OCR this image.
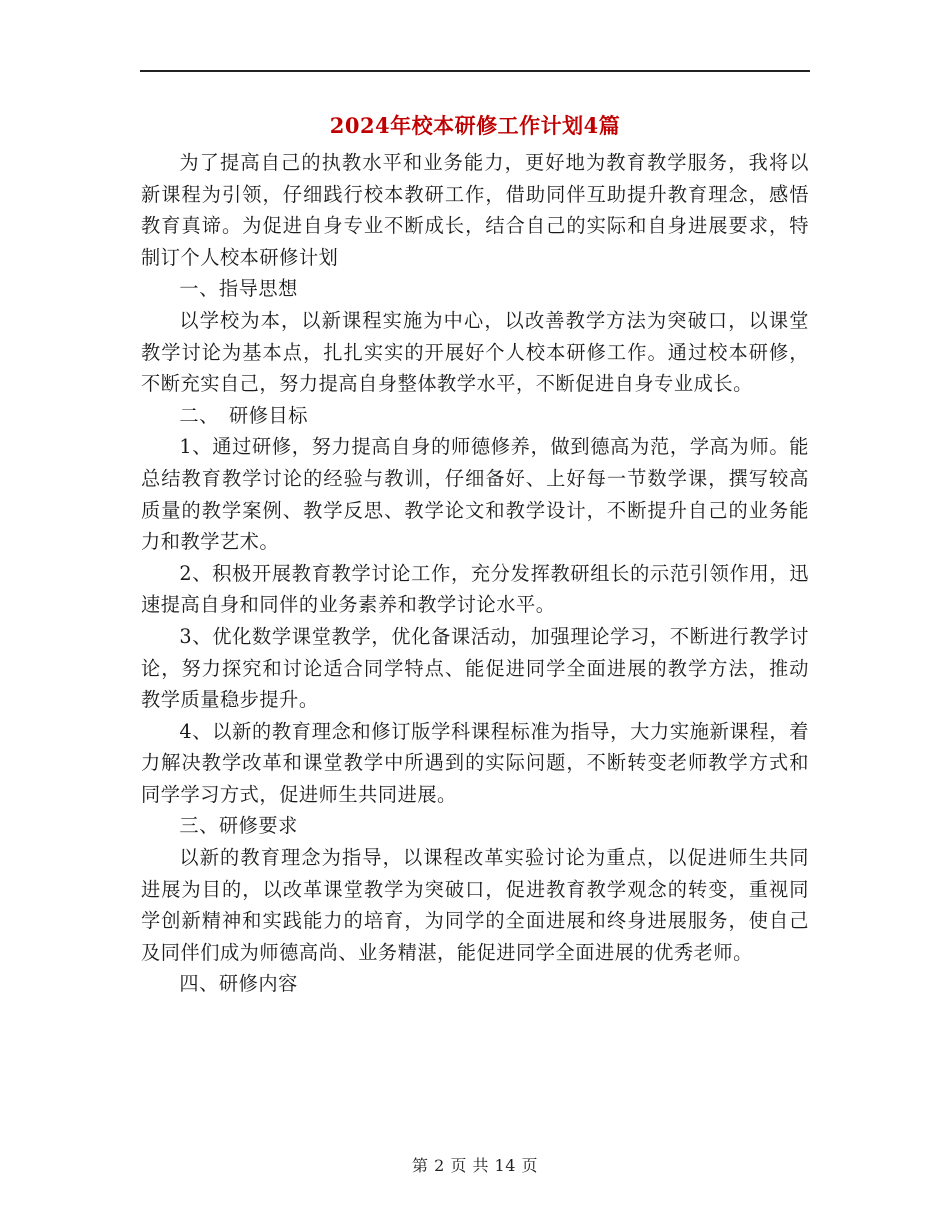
2024年校本研修工作计划4篇

为了提高自己的执教水平和业务能力，更好地为教育教学服务，我将以新课程为引领，仔细践行校本教研工作，借助同伴互助提升教育理念，感悟教育真谛。为促进自身专业不断成长，结合自己的实际和自身进展要求，特制订个人校本研修计划

一、指导思想

以学校为本，以新课程实施为中心，以改善教学方法为突破口，以课堂教学讨论为基本点，扎扎实实的开展好个人校本研修工作。通过校本研修，不断充实自己，努力提高自身整体教学水平，不断促进自身专业成长。

二、　研修目标

1、通过研修，努力提高自身的师德修养，做到德高为范，学高为师。能总结教育教学讨论的经验与教训，仔细备好、上好每一节数学课，撰写较高质量的教学案例、教学反思、教学论文和教学设计，不断提升自己的业务能力和教学艺术。

2、积极开展教育教学讨论工作，充分发挥教研组长的示范引领作用，迅速提高自身和同伴的业务素养和教学讨论水平。

3、优化数学课堂教学，优化备课活动，加强理论学习，不断进行教学讨论，努力探究和讨论适合同学特点、能促进同学全面进展的教学方法，推动教学质量稳步提升。

4、以新的教育理念和修订版学科课程标准为指导，大力实施新课程，着力解决教学改革和课堂教学中所遇到的实际问题，不断转变老师教学方式和同学学习方式，促进师生共同进展。

三、研修要求

以新的教育理念为指导，以课程改革实验讨论为重点，以促进师生共同进展为目的，以改革课堂教学为突破口，促进教育教学观念的转变，重视同学创新精神和实践能力的培育，为同学的全面进展和终身进展服务，使自己及同伴们成为师德高尚、业务精湛，能促进同学全面进展的优秀老师。

四、研修内容

第 2 页 共 14 页
